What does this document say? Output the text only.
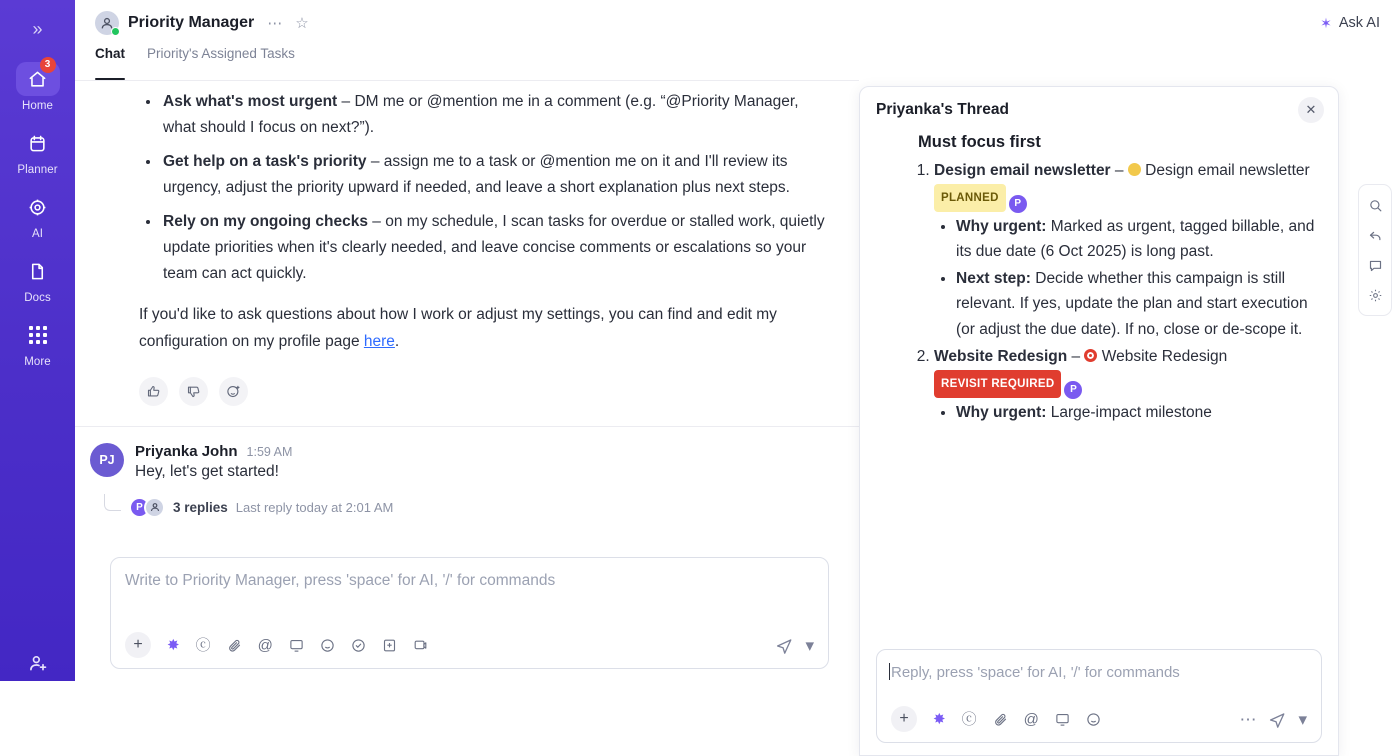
»
3
Home
Planner
AI
Docs
More
Priority Manager ⋯ ☆	✶ Ask AI
Chat Priority's Assigned Tasks
• Ask what's most urgent – DM me or @mention me in a comment (e.g. “@Priority Manager, what should I focus on next?”).
• Get help on a task's priority – assign me to a task or @mention me on it and I'll review its urgency, adjust the priority upward if needed, and leave a short explanation plus next steps.
• Rely on my ongoing checks – on my schedule, I scan tasks for overdue or stalled work, quietly update priorities when it's clearly needed, and leave concise comments or escalations so your team can act quickly.

If you'd like to ask questions about how I work or adjust my settings, you can find and edit my configuration on my profile page here.

PJ	Priyanka John 1:59 AM
Hey, let's get started!
P	3 replies Last reply today at 2:01 AM
Write to Priority Manager, press 'space' for AI, '/' for commands
+	✸ ⓒ	@	▾
Priyanka's Thread	✕
Must focus first
1. Design email newsletter –  Design email newsletter PLANNED P
• Why urgent: Marked as urgent, tagged billable, and its due date (6 Oct 2025) is long past.
• Next step: Decide whether this campaign is still relevant. If yes, update the plan and start execution (or adjust the due date). If no, close or de-scope it.
2. Website Redesign –  Website Redesign REVISIT REQUIRED P
• Why urgent: Large-impact milestone
Reply, press 'space' for AI, '/' for commands
+	✸ ⓒ	@	⋯ ▾
